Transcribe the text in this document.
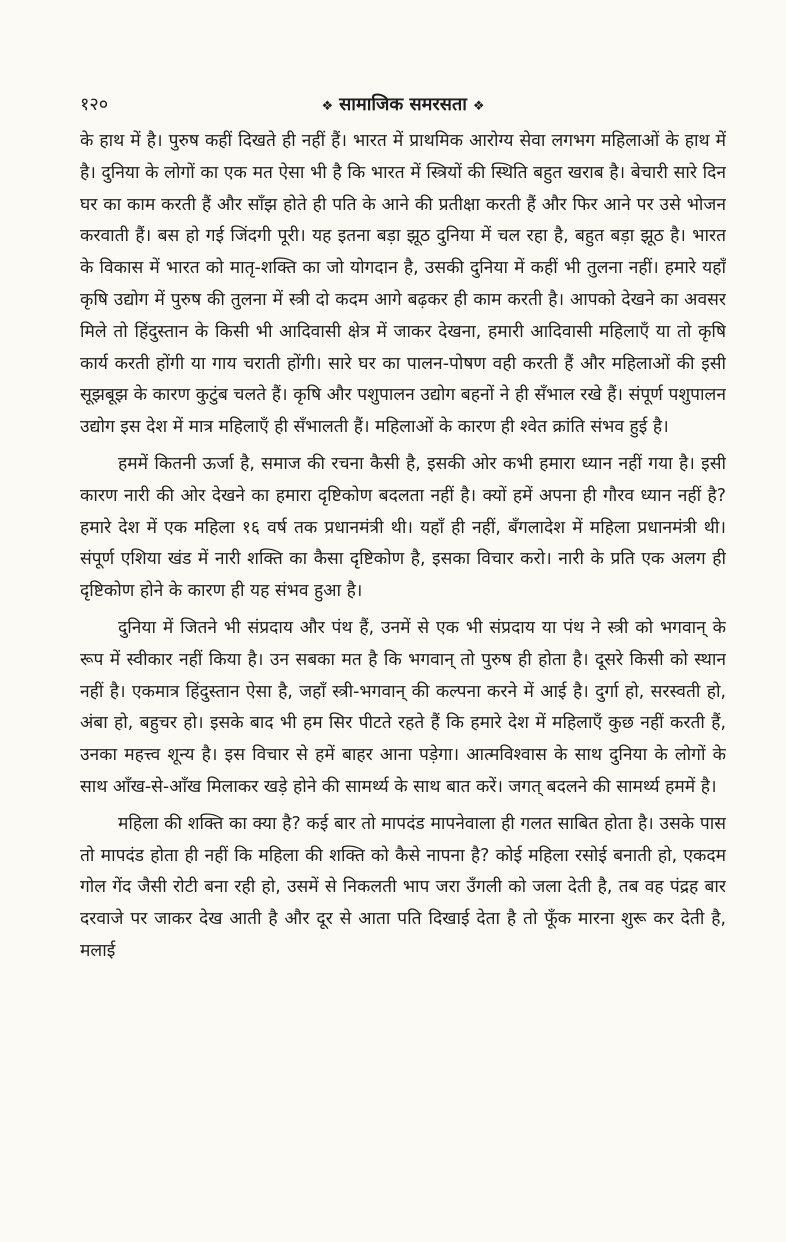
१२०	❖ सामाजिक समरसता ❖

के हाथ में है। पुरुष कहीं दिखते ही नहीं हैं। भारत में प्राथमिक आरोग्य सेवा लगभग महिलाओं के हाथ में है। दुनिया के लोगों का एक मत ऐसा भी है कि भारत में स्त्रियों की स्थिति बहुत खराब है। बेचारी सारे दिन घर का काम करती हैं और साँझ होते ही पति के आने की प्रतीक्षा करती हैं और फिर आने पर उसे भोजन करवाती हैं। बस हो गई जिंदगी पूरी। यह इतना बड़ा झूठ दुनिया में चल रहा है, बहुत बड़ा झूठ है। भारत के विकास में भारत को मातृ-शक्ति का जो योगदान है, उसकी दुनिया में कहीं भी तुलना नहीं। हमारे यहाँ कृषि उद्योग में पुरुष की तुलना में स्त्री दो कदम आगे बढ़कर ही काम करती है। आपको देखने का अवसर मिले तो हिंदुस्तान के किसी भी आदिवासी क्षेत्र में जाकर देखना, हमारी आदिवासी महिलाएँ या तो कृषि कार्य करती होंगी या गाय चराती होंगी। सारे घर का पालन-पोषण वही करती हैं और महिलाओं की इसी सूझबूझ के कारण कुटुंब चलते हैं। कृषि और पशुपालन उद्योग बहनों ने ही सँभाल रखे हैं। संपूर्ण पशुपालन उद्योग इस देश में मात्र महिलाएँ ही सँभालती हैं। महिलाओं के कारण ही श्वेत क्रांति संभव हुई है।

हममें कितनी ऊर्जा है, समाज की रचना कैसी है, इसकी ओर कभी हमारा ध्यान नहीं गया है। इसी कारण नारी की ओर देखने का हमारा दृष्टिकोण बदलता नहीं है। क्यों हमें अपना ही गौरव ध्यान नहीं है? हमारे देश में एक महिला १६ वर्ष तक प्रधानमंत्री थी। यहाँ ही नहीं, बँगलादेश में महिला प्रधानमंत्री थी। संपूर्ण एशिया खंड में नारी शक्ति का कैसा दृष्टिकोण है, इसका विचार करो। नारी के प्रति एक अलग ही दृष्टिकोण होने के कारण ही यह संभव हुआ है।

दुनिया में जितने भी संप्रदाय और पंथ हैं, उनमें से एक भी संप्रदाय या पंथ ने स्त्री को भगवान् के रूप में स्वीकार नहीं किया है। उन सबका मत है कि भगवान् तो पुरुष ही होता है। दूसरे किसी को स्थान नहीं है। एकमात्र हिंदुस्तान ऐसा है, जहाँ स्त्री-भगवान् की कल्पना करने में आई है। दुर्गा हो, सरस्वती हो, अंबा हो, बहुचर हो। इसके बाद भी हम सिर पीटते रहते हैं कि हमारे देश में महिलाएँ कुछ नहीं करती हैं, उनका महत्त्व शून्य है। इस विचार से हमें बाहर आना पड़ेगा। आत्मविश्वास के साथ दुनिया के लोगों के साथ आँख-से-आँख मिलाकर खड़े होने की सामर्थ्य के साथ बात करें। जगत् बदलने की सामर्थ्य हममें है।

महिला की शक्ति का क्या है? कई बार तो मापदंड मापनेवाला ही गलत साबित होता है। उसके पास तो मापदंड होता ही नहीं कि महिला की शक्ति को कैसे नापना है? कोई महिला रसोई बनाती हो, एकदम गोल गेंद जैसी रोटी बना रही हो, उसमें से निकलती भाप जरा उँगली को जला देती है, तब वह पंद्रह बार दरवाजे पर जाकर देख आती है और दूर से आता पति दिखाई देता है तो फूँक मारना शुरू कर देती है, मलाई
